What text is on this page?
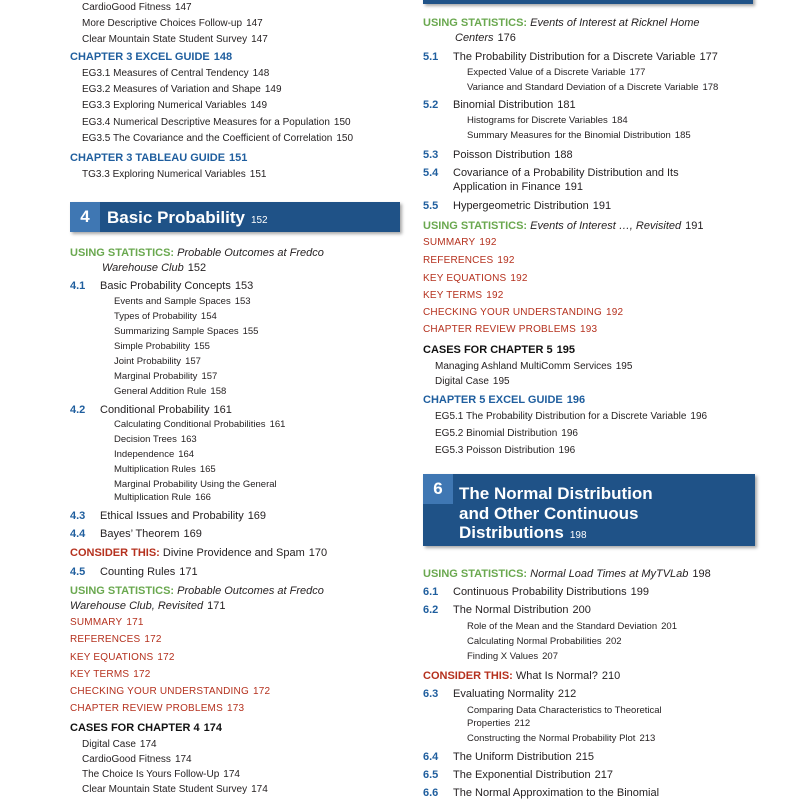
CardioGood Fitness 147
More Descriptive Choices Follow-up 147
Clear Mountain State Student Survey 147
CHAPTER 3 EXCEL GUIDE 148
EG3.1 Measures of Central Tendency 148
EG3.2 Measures of Variation and Shape 149
EG3.3 Exploring Numerical Variables 149
EG3.4 Numerical Descriptive Measures for a Population 150
EG3.5 The Covariance and the Coefficient of Correlation 150
CHAPTER 3 TABLEAU GUIDE 151
TG3.3 Exploring Numerical Variables 151
4	Basic Probability 152
USING STATISTICS: Probable Outcomes at Fredco
Warehouse Club 152
4.1 Basic Probability Concepts 153
Events and Sample Spaces 153
Types of Probability 154
Summarizing Sample Spaces 155
Simple Probability 155
Joint Probability 157
Marginal Probability 157
General Addition Rule 158
4.2 Conditional Probability 161
Calculating Conditional Probabilities 161
Decision Trees 163
Independence 164
Multiplication Rules 165
Marginal Probability Using the General
Multiplication Rule 166
4.3 Ethical Issues and Probability 169
4.4 Bayes’ Theorem 169
CONSIDER THIS: Divine Providence and Spam 170
4.5 Counting Rules 171
USING STATISTICS: Probable Outcomes at Fredco
Warehouse Club, Revisited 171
SUMMARY 171
REFERENCES 172
KEY EQUATIONS 172
KEY TERMS 172
CHECKING YOUR UNDERSTANDING 172
CHAPTER REVIEW PROBLEMS 173
CASES FOR CHAPTER 4 174
Digital Case 174
CardioGood Fitness 174
The Choice Is Yours Follow-Up 174
Clear Mountain State Student Survey 174
USING STATISTICS: Events of Interest at Ricknel Home
Centers 176
5.1 The Probability Distribution for a Discrete Variable 177
Expected Value of a Discrete Variable 177
Variance and Standard Deviation of a Discrete Variable 178
5.2 Binomial Distribution 181
Histograms for Discrete Variables 184
Summary Measures for the Binomial Distribution 185
5.3 Poisson Distribution 188
5.4 Covariance of a Probability Distribution and Its
Application in Finance 191
5.5 Hypergeometric Distribution 191
USING STATISTICS: Events of Interest …, Revisited 191
SUMMARY 192
REFERENCES 192
KEY EQUATIONS 192
KEY TERMS 192
CHECKING YOUR UNDERSTANDING 192
CHAPTER REVIEW PROBLEMS 193
CASES FOR CHAPTER 5 195
Managing Ashland MultiComm Services 195
Digital Case 195
CHAPTER 5 EXCEL GUIDE 196
EG5.1 The Probability Distribution for a Discrete Variable 196
EG5.2 Binomial Distribution 196
EG5.3 Poisson Distribution 196
6 The Normal Distribution
and Other Continuous
Distributions 198
USING STATISTICS: Normal Load Times at MyTVLab 198
6.1 Continuous Probability Distributions 199
6.2 The Normal Distribution 200
Role of the Mean and the Standard Deviation 201
Calculating Normal Probabilities 202
Finding X Values 207
CONSIDER THIS: What Is Normal? 210
6.3 Evaluating Normality 212
Comparing Data Characteristics to Theoretical
Properties 212
Constructing the Normal Probability Plot 213
6.4 The Uniform Distribution 215
6.5 The Exponential Distribution 217
6.6 The Normal Approximation to the Binomial
